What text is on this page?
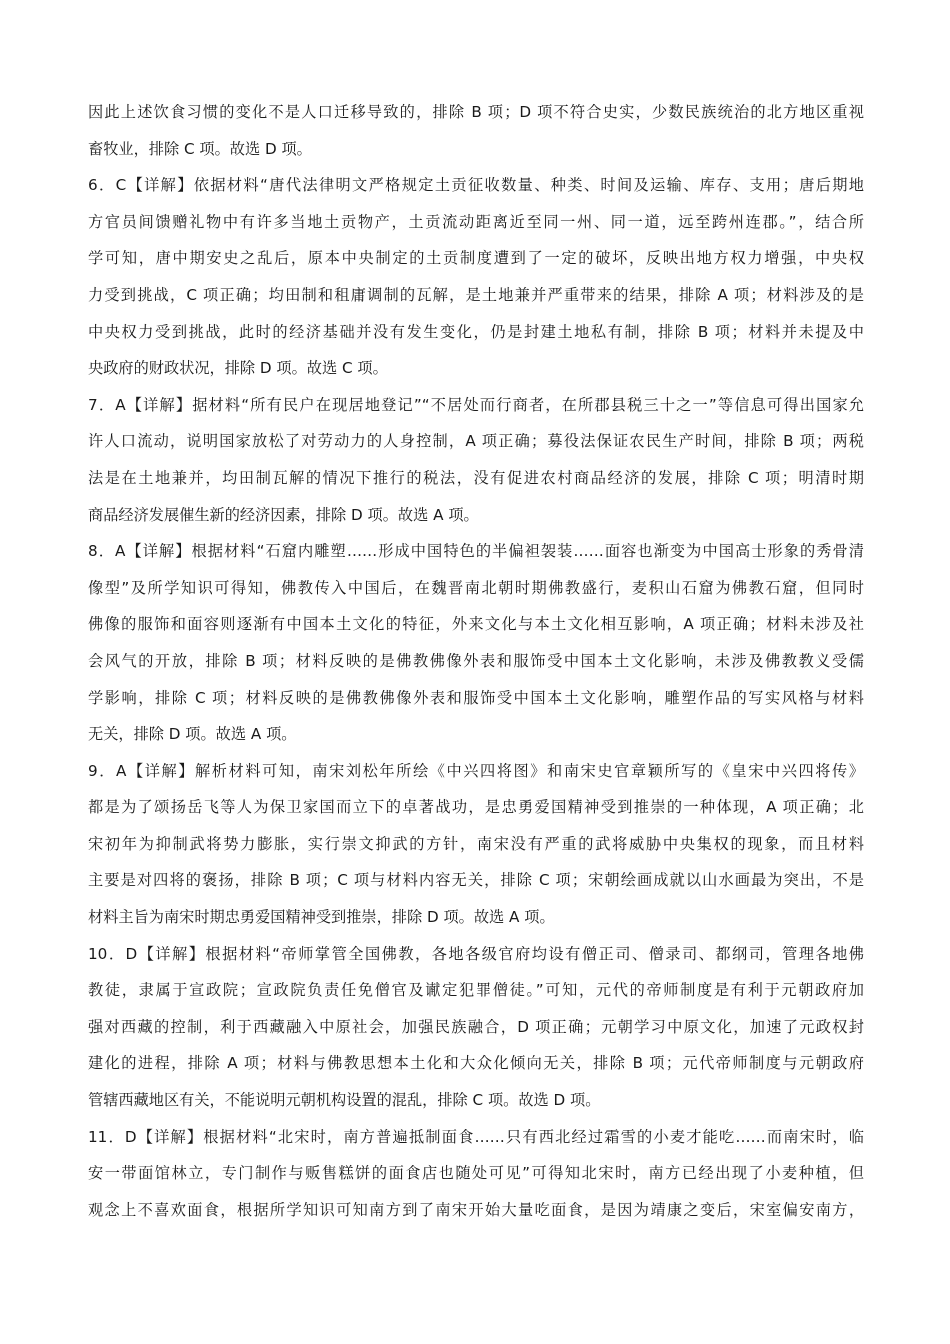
因此上述饮食习惯的变化不是人口迁移导致的，排除 B 项；D 项不符合史实，少数民族统治的北方地区重视
畜牧业，排除 C 项。故选 D 项。
6．C【详解】依据材料“唐代法律明文严格规定土贡征收数量、种类、时间及运输、库存、支用；唐后期地
方官员间馈赠礼物中有许多当地土贡物产，土贡流动距离近至同一州、同一道，远至跨州连郡。”，结合所
学可知，唐中期安史之乱后，原本中央制定的土贡制度遭到了一定的破坏，反映出地方权力增强，中央权
力受到挑战，C 项正确；均田制和租庸调制的瓦解，是土地兼并严重带来的结果，排除 A 项；材料涉及的是
中央权力受到挑战，此时的经济基础并没有发生变化，仍是封建土地私有制，排除 B 项；材料并未提及中
央政府的财政状况，排除 D 项。故选 C 项。
7．A【详解】据材料“所有民户在现居地登记”“不居处而行商者，在所郡县税三十之一”等信息可得出国家允
许人口流动，说明国家放松了对劳动力的人身控制，A 项正确；募役法保证农民生产时间，排除 B 项；两税
法是在土地兼并，均田制瓦解的情况下推行的税法，没有促进农村商品经济的发展，排除 C 项；明清时期
商品经济发展催生新的经济因素，排除 D 项。故选 A 项。
8．A【详解】根据材料“石窟内雕塑……形成中国特色的半偏袒袈装……面容也渐变为中国高士形象的秀骨清
像型”及所学知识可得知，佛教传入中国后，在魏晋南北朝时期佛教盛行，麦积山石窟为佛教石窟，但同时
佛像的服饰和面容则逐渐有中国本土文化的特征，外来文化与本土文化相互影响，A 项正确；材料未涉及社
会风气的开放，排除 B 项；材料反映的是佛教佛像外表和服饰受中国本土文化影响，未涉及佛教教义受儒
学影响，排除 C 项；材料反映的是佛教佛像外表和服饰受中国本土文化影响，雕塑作品的写实风格与材料
无关，排除 D 项。故选 A 项。
9．A【详解】解析材料可知，南宋刘松年所绘《中兴四将图》和南宋史官章颖所写的《皇宋中兴四将传》
都是为了颂扬岳飞等人为保卫家国而立下的卓著战功，是忠勇爱国精神受到推崇的一种体现，A 项正确；北
宋初年为抑制武将势力膨胀，实行崇文抑武的方针，南宋没有严重的武将威胁中央集权的现象，而且材料
主要是对四将的褒扬，排除 B 项；C 项与材料内容无关，排除 C 项；宋朝绘画成就以山水画最为突出，不是
材料主旨为南宋时期忠勇爱国精神受到推崇，排除 D 项。故选 A 项。
10．D【详解】根据材料“帝师掌管全国佛教，各地各级官府均设有僧正司、僧录司、都纲司，管理各地佛
教徒，隶属于宣政院；宣政院负责任免僧官及谳定犯罪僧徒。”可知，元代的帝师制度是有利于元朝政府加
强对西藏的控制，利于西藏融入中原社会，加强民族融合，D 项正确；元朝学习中原文化，加速了元政权封
建化的进程，排除 A 项；材料与佛教思想本土化和大众化倾向无关，排除 B 项；元代帝师制度与元朝政府
管辖西藏地区有关，不能说明元朝机构设置的混乱，排除 C 项。故选 D 项。
11．D【详解】根据材料“北宋时，南方普遍抵制面食……只有西北经过霜雪的小麦才能吃……而南宋时，临
安一带面馆林立，专门制作与贩售糕饼的面食店也随处可见”可得知北宋时，南方已经出现了小麦种植，但
观念上不喜欢面食，根据所学知识可知南方到了南宋开始大量吃面食，是因为靖康之变后，宋室偏安南方，
